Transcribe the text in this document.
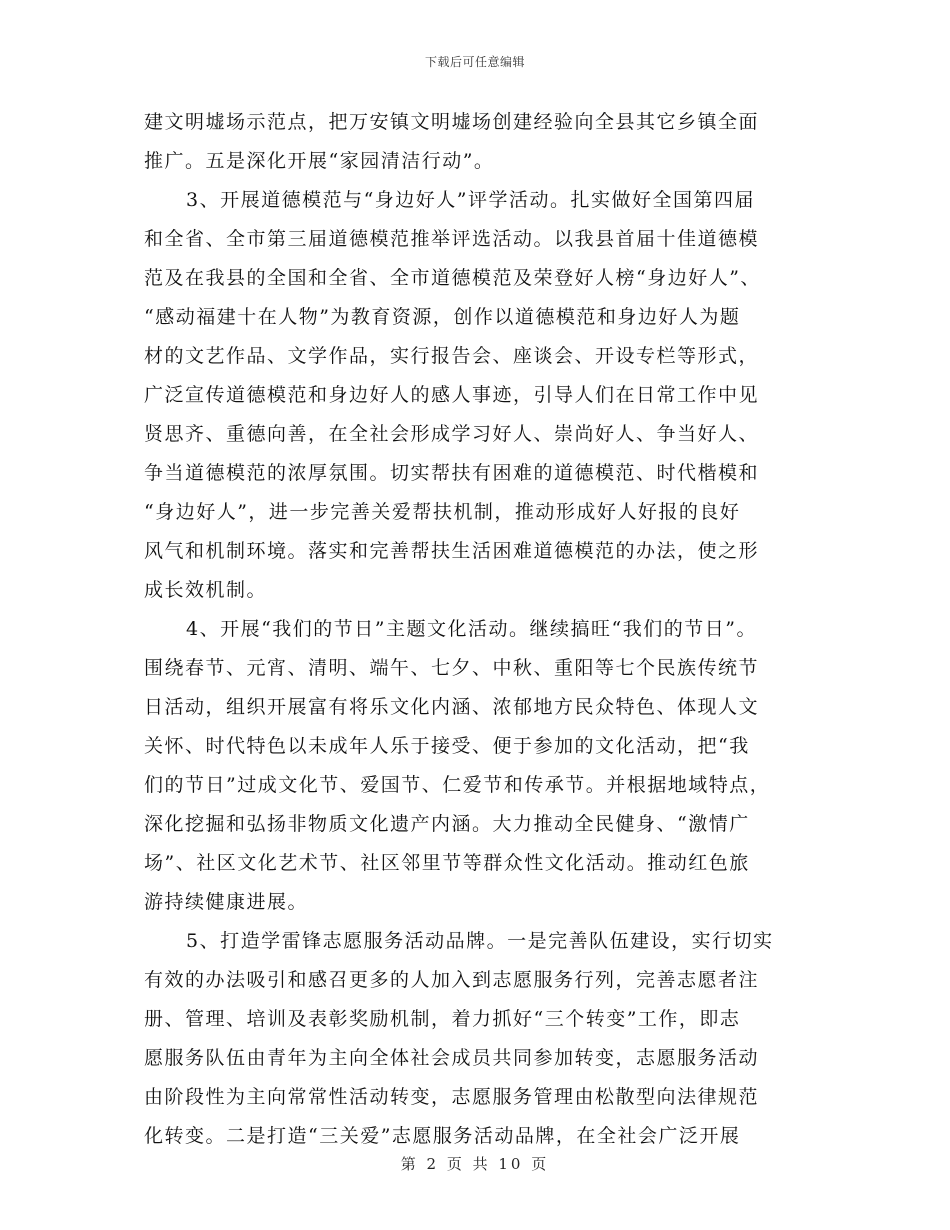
下载后可任意编辑
建文明墟场示范点，把万安镇文明墟场创建经验向全县其它乡镇全面
推广。五是深化开展“家园清洁行动”。
3、开展道德模范与“身边好人”评学活动。扎实做好全国第四届
和全省、全市第三届道德模范推举评选活动。以我县首届十佳道德模
范及在我县的全国和全省、全市道德模范及荣登好人榜“身边好人”、
“感动福建十在人物”为教育资源，创作以道德模范和身边好人为题
材的文艺作品、文学作品，实行报告会、座谈会、开设专栏等形式，
广泛宣传道德模范和身边好人的感人事迹，引导人们在日常工作中见
贤思齐、重德向善，在全社会形成学习好人、崇尚好人、争当好人、
争当道德模范的浓厚氛围。切实帮扶有困难的道德模范、时代楷模和
“身边好人”，进一步完善关爱帮扶机制，推动形成好人好报的良好
风气和机制环境。落实和完善帮扶生活困难道德模范的办法，使之形
成长效机制。
4、开展“我们的节日”主题文化活动。继续搞旺“我们的节日”。
围绕春节、元宵、清明、端午、七夕、中秋、重阳等七个民族传统节
日活动，组织开展富有将乐文化内涵、浓郁地方民众特色、体现人文
关怀、时代特色以未成年人乐于接受、便于参加的文化活动，把“我
们的节日”过成文化节、爱国节、仁爱节和传承节。并根据地域特点，
深化挖掘和弘扬非物质文化遗产内涵。大力推动全民健身、“激情广
场”、社区文化艺术节、社区邻里节等群众性文化活动。推动红色旅
游持续健康进展。
5、打造学雷锋志愿服务活动品牌。一是完善队伍建设，实行切实
有效的办法吸引和感召更多的人加入到志愿服务行列，完善志愿者注
册、管理、培训及表彰奖励机制，着力抓好“三个转变”工作，即志
愿服务队伍由青年为主向全体社会成员共同参加转变，志愿服务活动
由阶段性为主向常常性活动转变，志愿服务管理由松散型向法律规范
化转变。二是打造“三关爱”志愿服务活动品牌，在全社会广泛开展
第 2 页 共 10 页
